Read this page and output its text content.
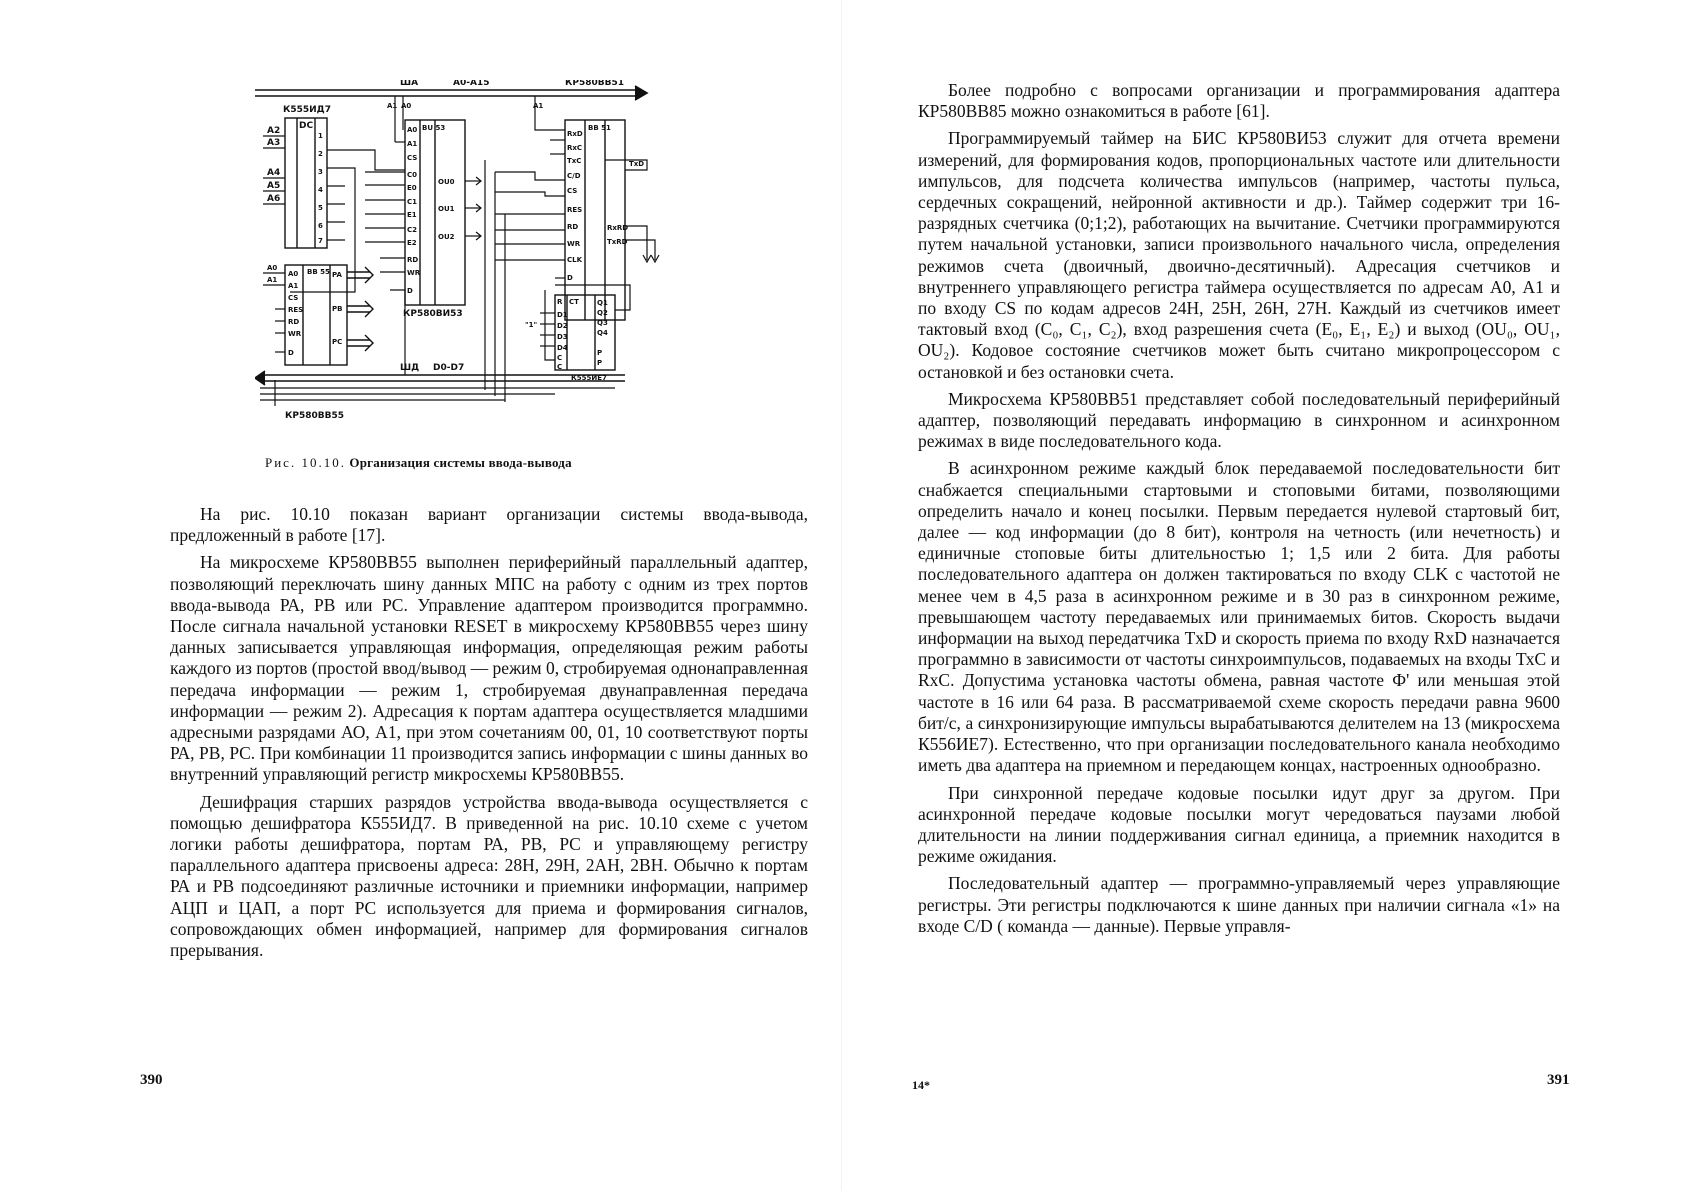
ША	A0-A15	КР580ВВ51
ШД D0-D7
КР580ВВ55
К555ИД7
DC
A2
A3
A4
A5
A6
1
2
3
4
5
6
7
BB 55
A0
A1
CS
RES
RD
WR
D
PA
PB
PC
A0
A1
A1 A0
BU 53
КР580ВИ53
A0
A1
CS
C0
E0
C1
E1
C2
E2
RD
WR
D
OU0
OU1
OU2
BB 51
A1
RxD
RxC
TxC
C/D
CS
RES
RD
WR
CLK
D
TxD
RxRD
TxRD
CT
К555ИЕ7
R
D1
D2
D3
D4
C
C
Q1
Q2
Q3
Q4
P
P
"1"
Рис. 10.10. Организация системы ввода-вывода

На рис. 10.10 показан вариант организации системы ввода-вывода, предложенный в работе [17].

На микросхеме КР580ВВ55 выполнен периферийный параллельный адаптер, позволяющий переключать шину данных МПС на работу с одним из трех портов ввода-вывода РА, РВ или PC. Управление адаптером производится программно. После сигнала начальной установки RESET в микросхему КР580ВВ55 через шину данных записывается управляющая информация, определяющая режим работы каждого из портов (простой ввод/вывод — режим 0, стробируемая однонаправленная передача информации — режим 1, стробируемая двунаправленная передача информации — режим 2). Адресация к портам адаптера осуществляется младшими адресными разрядами АО, A1, при этом сочетаниям 00, 01, 10 соответствуют порты РА, РВ, PC. При комбинации 11 производится запись информации с шины данных во внутренний управляющий регистр микросхемы КР580ВВ55.

Дешифрация старших разрядов устройства ввода-вывода осуществляется с помощью дешифратора К555ИД7. В приведенной на рис. 10.10 схеме с учетом логики работы дешифратора, портам РА, РВ, PC и управляющему регистру параллельного адаптера присвоены адреса: 28Н, 29Н, 2АН, 2ВН. Обычно к портам РА и РВ подсоединяют различные источники и приемники информации, например АЦП и ЦАП, а порт PC используется для приема и формирования сигналов, сопровождающих обмен информацией, например для формирования сигналов прерывания.

390

Более подробно с вопросами организации и программирования адаптера КР580ВВ85 можно ознакомиться в работе [61].

Программируемый таймер на БИС КР580ВИ53 служит для отчета времени измерений, для формирования кодов, пропорциональных частоте или длительности импульсов, для подсчета количества импульсов (например, частоты пульса, сердечных сокращений, нейронной активности и др.). Таймер содержит три 16-разрядных счетчика (0;1;2), работающих на вычитание. Счетчики программируются путем начальной установки, записи произвольного начального числа, определения режимов счета (двоичный, двоично-десятичный). Адресация счетчиков и внутреннего управляющего регистра таймера осуществляется по адресам А0, A1 и по входу CS по кодам адресов 24Н, 25Н, 26Н, 27Н. Каждый из счетчиков имеет тактовый вход (C₀, C₁, C₂), вход разрешения счета (E₀, E₁, E₂) и выход (OU₀, OU₁, OU₂). Кодовое состояние счетчиков может быть считано микропроцессором с остановкой и без остановки счета.

Микросхема КР580ВВ51 представляет собой последовательный периферийный адаптер, позволяющий передавать информацию в синхронном и асинхронном режимах в виде последовательного кода.

В асинхронном режиме каждый блок передаваемой последовательности бит снабжается специальными стартовыми и стоповыми битами, позволяющими определить начало и конец посылки. Первым передается нулевой стартовый бит, далее — код информации (до 8 бит), контроля на четность (или нечетность) и единичные стоповые биты длительностью 1; 1,5 или 2 бита. Для работы последовательного адаптера он должен тактироваться по входу CLK с частотой не менее чем в 4,5 раза в асинхронном режиме и в 30 раз в синхронном режиме, превышающем частоту передаваемых или принимаемых битов. Скорость выдачи информации на выход передатчика TxD и скорость приема по входу RxD назначается программно в зависимости от частоты синхроимпульсов, подаваемых на входы ТхС и RxC. Допустима установка частоты обмена, равная частоте Ф' или меньшая этой частоте в 16 или 64 раза. В рассматриваемой схеме скорость передачи равна 9600 бит/с, а синхронизирующие импульсы вырабатываются делителем на 13 (микросхема К556ИЕ7). Естественно, что при организации последовательного канала необходимо иметь два адаптера на приемном и передающем концах, настроенных однообразно.

При синхронной передаче кодовые посылки идут друг за другом. При асинхронной передаче кодовые посылки могут чередоваться паузами любой длительности на линии поддерживания сигнал единица, а приемник находится в режиме ожидания.

Последовательный адаптер — программно-управляемый через управляющие регистры. Эти регистры подключаются к шине данных при наличии сигнала «1» на входе C/D ( команда — данные). Первые управля-

14*	391
